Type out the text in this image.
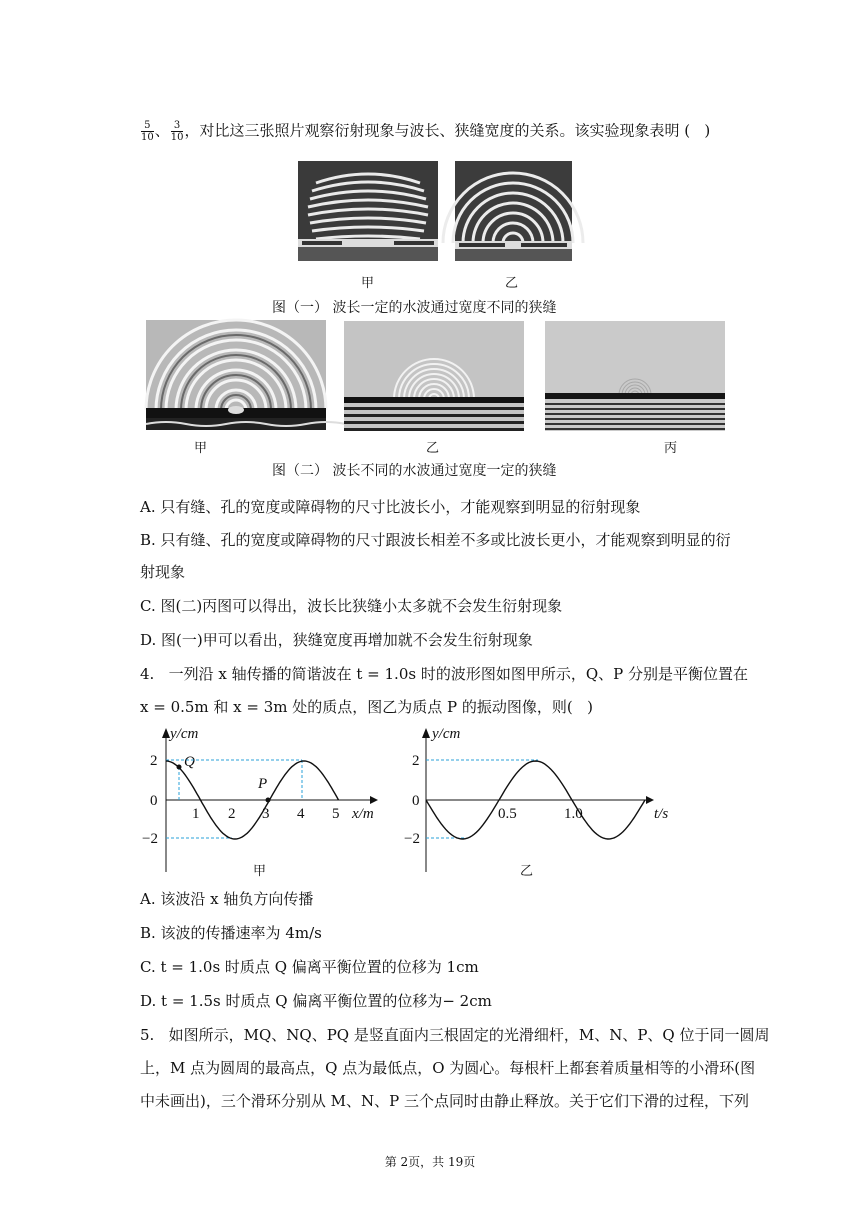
$\frac{5}{10}$ 、 $\frac{3}{10}$ ，对比这三张照片观察衍射现象与波长、狭缝宽度的关系。该实验现象表明 (   )
甲	乙
图（一） 波长一定的水波通过宽度不同的狭缝
甲	乙	丙
图（二） 波长不同的水波通过宽度一定的狭缝
A. 只有缝、孔的宽度或障碍物的尺寸比波长小，才能观察到明显的衍射现象
B. 只有缝、孔的宽度或障碍物的尺寸跟波长相差不多或比波长更小，才能观察到明显的衍
射现象
C. 图(二)丙图可以得出，波长比狭缝小太多就不会发生衍射现象
D. 图(一)甲可以看出，狭缝宽度再增加就不会发生衍射现象
4.   一列沿 x 轴传播的简谐波在 t = 1.0s 时的波形图如图甲所示，Q、P 分别是平衡位置在
x = 0.5m 和 x = 3m 处的质点，图乙为质点 P 的振动图像，则(   )
y/cm
x/m
2
0
−2
1 2 3 4 5
Q
P
甲
y/cm
t/s
2
0
−2
0.5	1.0
乙
A. 该波沿 x 轴负方向传播
B. 该波的传播速率为 4m/s
C. t = 1.0s 时质点 Q 偏离平衡位置的位移为 1cm
D. t = 1.5s 时质点 Q 偏离平衡位置的位移为− 2cm
5.   如图所示，MQ、NQ、PQ 是竖直面内三根固定的光滑细杆，M、N、P、Q 位于同一圆周
上，M 点为圆周的最高点，Q 点为最低点，O 为圆心。每根杆上都套着质量相等的小滑环(图
中未画出)，三个滑环分别从 M、N、P 三个点同时由静止释放。关于它们下滑的过程，下列
第 2页，共 19页
